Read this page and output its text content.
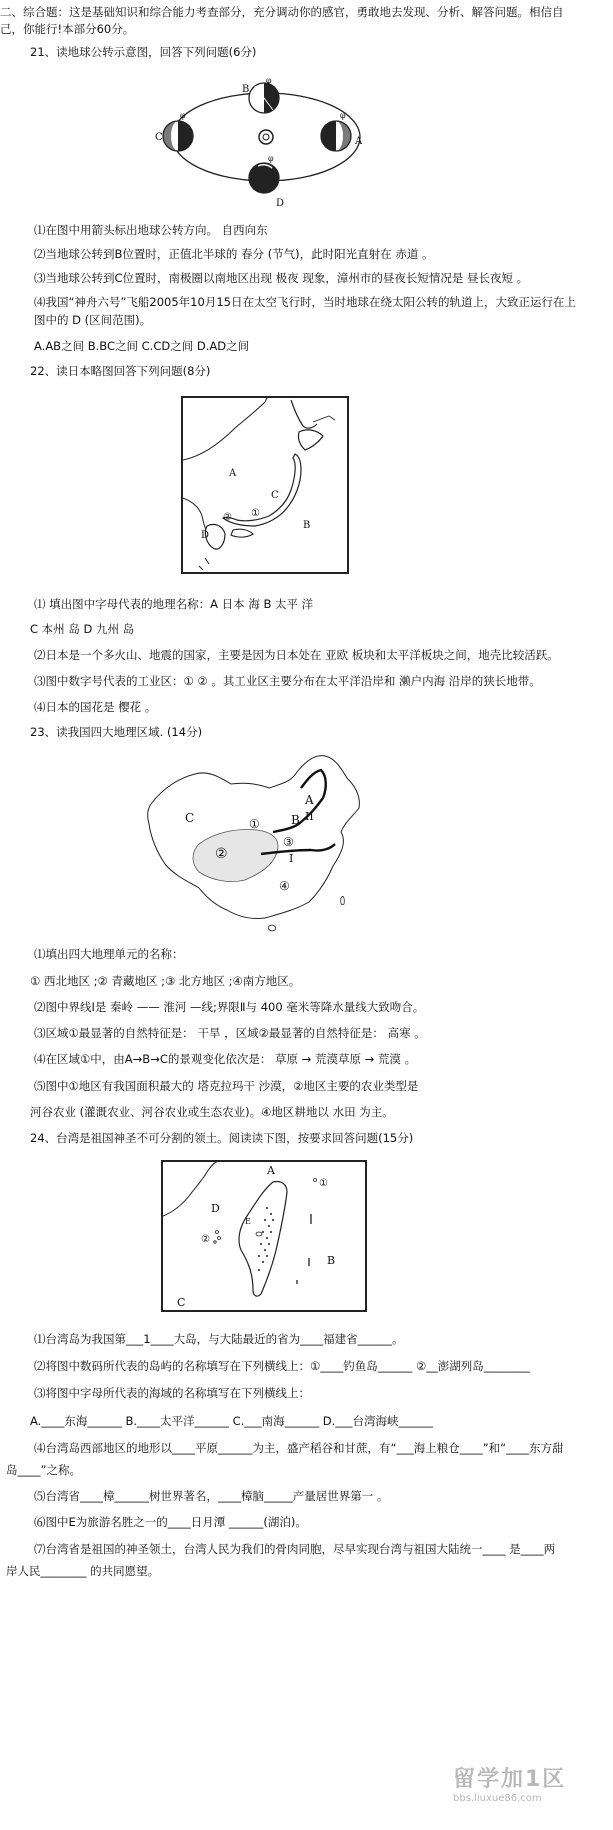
二、综合题：这是基础知识和综合能力考查部分，充分调动你的感官，勇敢地去发现、分析、解答问题。相信自
己，你能行!本部分60分。
21、读地球公转示意图，回答下列问题(6分)
B
C	A
D
φ
φ
φ
φ
⑴在图中用箭头标出地球公转方向。 自西向东
⑵当地球公转到B位置时，正值北半球的 春分 (节气)，此时阳光直射在 赤道 。
⑶当地球公转到C位置时，南极圈以南地区出现 极夜 现象，漳州市的昼夜长短情况是 昼长夜短 。
⑷我国“神舟六号”飞船2005年10月15日在太空飞行时，当时地球在绕太阳公转的轨道上，大致正运行在上
图中的 D (区间范围)。
A.AB之间 B.BC之间 C.CD之间 D.AD之间
22、读日本略图回答下列问题(8分)
A
B
C
D
①
②
⑴ 填出图中字母代表的地理名称：A 日本 海 B 太平 洋
C 本州 岛 D 九州 岛
⑵日本是一个多火山、地震的国家，主要是因为日本处在 亚欧 板块和太平洋板块之间，地壳比较活跃。
⑶图中数字号代表的工业区：① ② 。其工业区主要分布在太平洋沿岸和 濑户内海 沿岸的狭长地带。
⑷日本的国花是 樱花 。
23、读我国四大地理区域. (14分)
C	B
A
II
I
①
②
③
④
⑴填出四大地理单元的名称：
① 西北地区 ;② 青藏地区 ;③ 北方地区 ;④南方地区。
⑵图中界线Ⅰ是 秦岭 —— 淮河 —线;界限Ⅱ与 400 毫米等降水量线大致吻合。
⑶区域①最显著的自然特征是： 干旱 ，区域②最显著的自然特征是： 高寒 。
⑷在区域①中，由A→B→C的景观变化依次是： 草原 → 荒漠草原 → 荒漠 。
⑸图中①地区有我国面积最大的 塔克拉玛干 沙漠，②地区主要的农业类型是
河谷农业 (灌溉农业、河谷农业或生态农业)。④地区耕地以 水田 为主。
24、台湾是祖国神圣不可分割的领土。阅读读下图，按要求回答问题(15分)
A
B
C
D
E
①
②
⑴台湾岛为我国第___1____大岛，与大陆最近的省为____福建省______。
⑵将图中数码所代表的岛屿的名称填写在下列横线上：①____钓鱼岛______ ②__澎湖列岛________
⑶将图中字母所代表的海域的名称填写在下列横线上：
A.____东海______ B.____太平洋______ C.___南海______ D.___台湾海峡______
⑷台湾岛西部地区的地形以____平原______为主，盛产稻谷和甘蔗，有“___海上粮仓____”和“____东方甜
岛____”之称。
⑸台湾省____樟______树世界著名，____樟脑_____产量居世界第一 。
⑹图中E为旅游名胜之一的____日月潭 ______(湖泊)。
⑺台湾省是祖国的神圣领土，台湾人民为我们的骨肉同胞，尽早实现台湾与祖国大陆统一____ 是____两
岸人民________ 的共同愿望。
留学加1区
bbs.liuxue86.com
